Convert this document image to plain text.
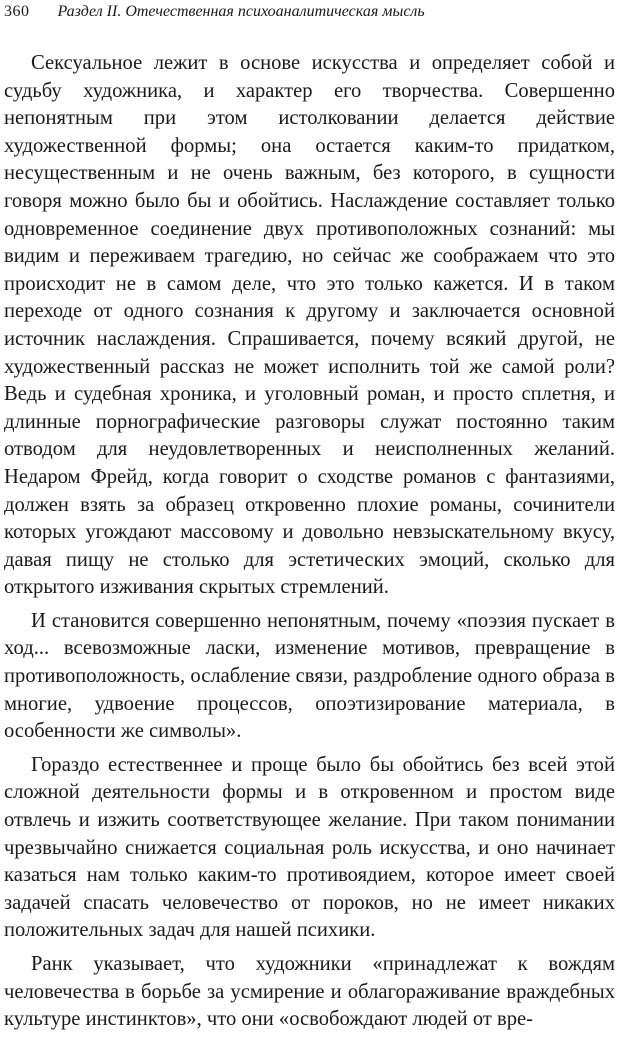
360 Раздел II. Отечественная психоаналитическая мысль

Сексуальное лежит в основе искусства и определяет собой и судьбу художника, и характер его творчества. Совершенно непонятным при этом истолковании делается действие художественной формы; она остается каким-то придатком, несущественным и не очень важным, без которого, в сущности говоря можно было бы и обойтись. Наслаждение составляет только одновременное соединение двух противоположных сознаний: мы видим и переживаем трагедию, но сейчас же соображаем что это происходит не в самом деле, что это только кажется. И в таком переходе от одного сознания к другому и заключается основной источник наслаждения. Спрашивается, почему всякий другой, не художественный рассказ не может исполнить той же самой роли? Ведь и судебная хроника, и уголовный роман, и просто сплетня, и длинные порнографические разговоры служат постоянно таким отводом для неудовлетворенных и неисполненных желаний. Недаром Фрейд, когда говорит о сходстве романов с фантазиями, должен взять за образец откровенно плохие романы, сочинители которых угождают массовому и довольно невзыскательному вкусу, давая пищу не столько для эстетических эмоций, сколько для открытого изживания скрытых стремлений.

И становится совершенно непонятным, почему «поэзия пускает в ход... всевозможные ласки, изменение мотивов, превращение в противоположность, ослабление связи, раздробление одного образа в многие, удвоение процессов, опоэтизирование материала, в особенности же символы».

Гораздо естественнее и проще было бы обойтись без всей этой сложной деятельности формы и в откровенном и простом виде отвлечь и изжить соответствующее желание. При таком понимании чрезвычайно снижается социальная роль искусства, и оно начинает казаться нам только каким-то противоядием, которое имеет своей задачей спасать человечество от пороков, но не имеет никаких положительных задач для нашей психики.

Ранк указывает, что художники «принадлежат к вождям человечества в борьбе за усмирение и облагораживание враждебных культуре инстинктов», что они «освобождают людей от вре-
